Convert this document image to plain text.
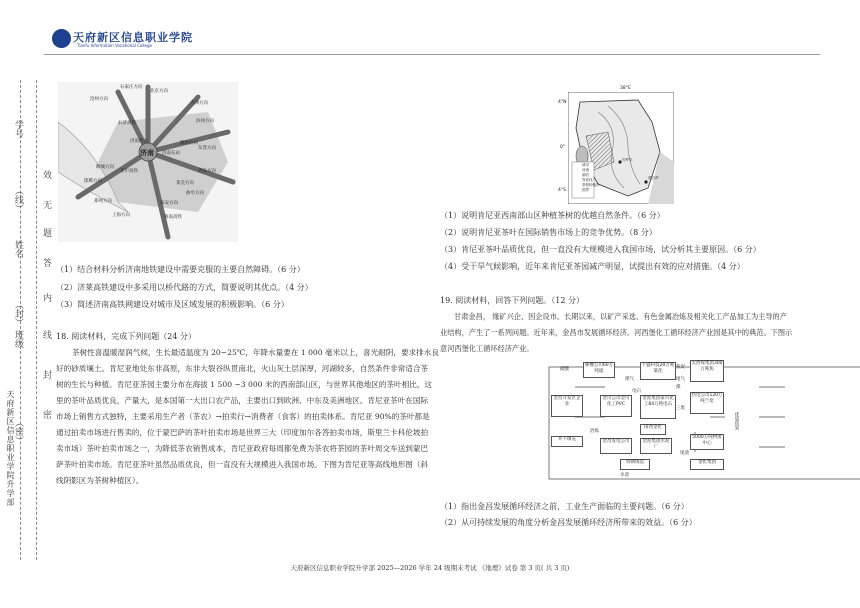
天府新区信息职业学院
Tianfu Information Vocational College
天府新区信息职业学院升学部
学号
姓名
班级
（线）
（封）
（密）
效
无
题
答
内
线
封
密
济南
石家庄方向
北京方向
天津方向
沧州方向
滨州方向
青岛方向
东营方向
潍坊方向
莱芜方向
泰安方向
曲阜方向
鲁南高铁
聊城方向
邯郸方向
郑州方向
上海方向
京沪高铁
石济高铁
济南西站
济南东站
（1）结合材料分析济南地铁建设中需要克服的主要自然障碍。（6 分）
（2）济莱高铁建设中多采用以桥代路的方式，简要说明其优点。（4 分）
（3）简述济南高铁网建设对城市及区域发展的积极影响。（6 分）
18. 阅读材料，完成下列问题（24 分）
茶树性喜温暖湿润气候，生长最适温度为 20~25℃，年降水量要在 1 000 毫米以上，喜光耐阴，要求排水良
好的砂质壤土。肯尼亚地处东非高原，东非大裂谷纵贯南北，火山灰土层深厚，河湖较多，自然条件非常适合茶
树的生长与种植。肯尼亚茶园主要分布在海拔 1 500 ~3 000 米的西南部山区，与世界其他地区的茶叶相比，这
里的茶叶品质优良，产量大，是本国第一大出口农产品，主要出口到欧洲、中东及美洲地区。肯尼亚茶叶在国际
市场上销售方式独特，主要采用生产者（茶农）→拍卖行→消费者（食客）的拍卖体系。肯尼亚 90%的茶叶都是
通过拍卖市场进行售卖的，位于蒙巴萨的茶叶拍卖市场是世界三大（印度加尔各答拍卖市场，斯里兰卡科伦坡拍
卖市场）茶叶拍卖市场之一，为降低茶农销售成本，肯尼亚政府每周都免费为茶农将茶园的茶叶周交车送到蒙巴
萨茶叶拍卖市场。肯尼亚茶叶虽然品质优良，但一直没有大规模进入我国市场。下图为肯尼亚等高线地形图（斜
线阴影区为茶树种植区）。
38°E
4°N
0°
4°S
城市
河流
湖泊
等高线
茶树种植区
国界
内罗毕
蒙巴萨
（1）说明肯尼亚西南部山区种植茶树的优越自然条件。（6 分）
（2）说明肯尼亚茶叶在国际销售市场上的竞争优势。（8 分）
（3）肯尼亚茶叶品质优良，但一直没有大规模进入我国市场，试分析其主要原因。（6 分）
（4）受干旱气候影响，近年来肯尼亚茶园减产明显，试提出有效的应对措施。（4 分）
19. 阅读材料，回答下列问题。（12 分）
甘肃金昌， 缘矿兴企、因企设市。长期以来，以矿产采选、有色金属冶炼及相关化工产品加工为主导的产
业结构，产生了一系列问题。近年来，金昌市发展循环经济。河西堡化工循环经济产业园是其中的典范。下图示
意河西堡化工循环经济产业。
索橡公司60万吨硫
金昌开发区企业
金川公司金川化工PVC
金泥集团泰兴化工84万吨电石
千盛科技20万吨氯化
国西金化
金昌发电公司	金泥集团水泥厂
太西煤集团300万吨焦
热电公司120万吨兰炭
5000万吨物流中心
金化集团
井下填充
特钢铸造
优质焦炭
尾渣
硫酸	焦炭
煤
三废
电石
尾气
煤气
冶炼
水渣
（1）指出金昌发展循环经济之前，工业生产面临的主要问题。（6 分）
（2）从可持续发展的角度分析金昌发展循环经济所带来的效益。（6 分）
天府新区信息职业学院升学部 2025—2026 学年 24 级期末考试 《地理》试卷 第 3 页( 共 3 页)
